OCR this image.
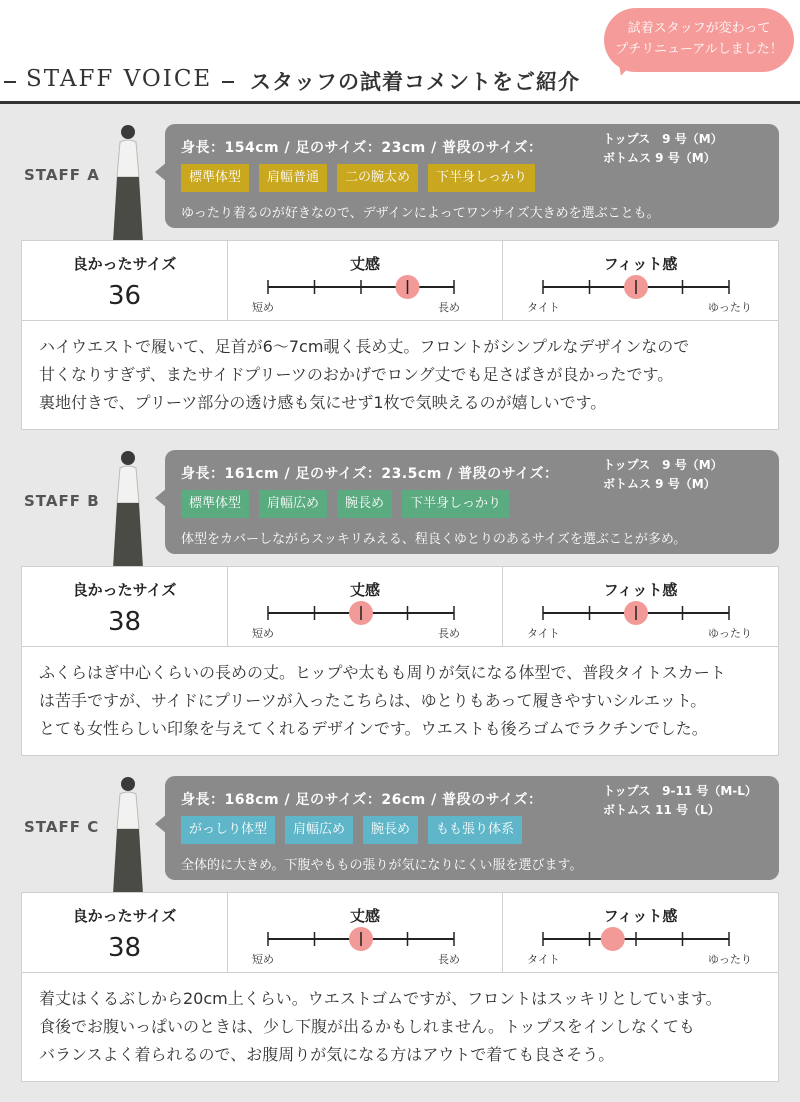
STAFF VOICE スタッフの試着コメントをご紹介
試着スタッフが変わって
プチリニューアルしました！
STAFF A
身長：154cm / 足のサイズ：23cm / 普段のサイズ：
トップス　9 号（M）
ボトムス 9 号（M）
標準体型	肩幅普通	二の腕太め	下半身しっかり
ゆったり着るのが好きなので、デザインによってワンサイズ大きめを選ぶことも。
良かったサイズ
36
丈感
短め	長め
フィット感
タイト	ゆったり
ハイウエストで履いて、足首が6〜7cm覗く長め丈。フロントがシンプルなデザインなので
甘くなりすぎず、またサイドプリーツのおかげでロング丈でも足さばきが良かったです。
裏地付きで、プリーツ部分の透け感も気にせず1枚で気映えるのが嬉しいです。
STAFF B
身長：161cm / 足のサイズ：23.5cm / 普段のサイズ：
トップス　9 号（M）
ボトムス 9 号（M）
標準体型	肩幅広め	腕長め	下半身しっかり
体型をカバーしながらスッキリみえる、程良くゆとりのあるサイズを選ぶことが多め。
良かったサイズ
38
丈感
短め	長め
フィット感
タイト	ゆったり
ふくらはぎ中心くらいの長めの丈。ヒップや太もも周りが気になる体型で、普段タイトスカート
は苦手ですが、サイドにプリーツが入ったこちらは、ゆとりもあって履きやすいシルエット。
とても女性らしい印象を与えてくれるデザインです。ウエストも後ろゴムでラクチンでした。
STAFF C
身長：168cm / 足のサイズ：26cm / 普段のサイズ：
トップス　9-11 号（M-L）
ボトムス 11 号（L）
がっしり体型	肩幅広め	腕長め	もも張り体系
全体的に大きめ。下腹やももの張りが気になりにくい服を選びます。
良かったサイズ
38
丈感
短め	長め
フィット感
タイト	ゆったり
着丈はくるぶしから20cm上くらい。ウエストゴムですが、フロントはスッキリとしています。
食後でお腹いっぱいのときは、少し下腹が出るかもしれません。トップスをインしなくても
バランスよく着られるので、お腹周りが気になる方はアウトで着ても良さそう。
